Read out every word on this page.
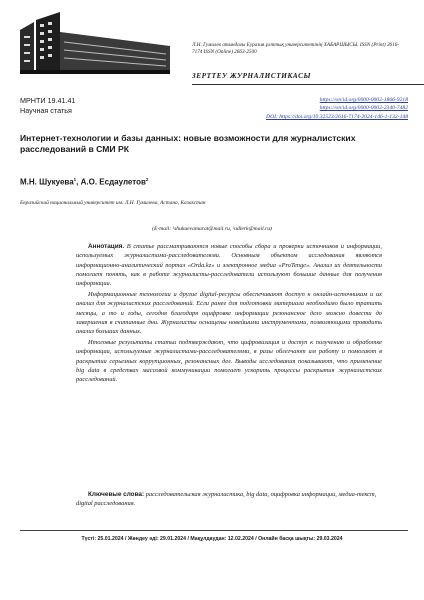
Л.Н. Гумилев атындағы Еуразия ұлттық университетінің ХАБАРШЫСЫ. ISSN (Print) 2616-7174 ISSN (Online) 2663-2500
ЗЕРТТЕУ ЖУРНАЛИСТИКАСЫ
МРНТИ 19.41.41
Научная статья
https://orcid.org/0000-0002-1866-9218
https://orcid.org/0000-0002-2340-7482
DOI: https://doi.org/10.32523/2616-7174-2024-146-1-132-148
Интернет-технологии и базы данных: новые возможности для журналистских расследований в СМИ РК
М.Н. Шукуева$^1$, А.О. Есдаулетов$^2$
Евразийский национальный университет им. Л.Н. Гумилева, Астана, Казахстан
(E-mail: ¹shukuevamarat@mail.ru, ²adlerk@mail.ru)

Аннотация. В статье рассматриваются новые способы сбора и проверки источников и информации, используемых журналистами-расследователями. Основным объектом исследования являются информационно-аналитический портал «Orda.kz» и электронное медиа «ProTenge». Анализ их деятельности помогает понять, как в работе журналисты-расследователи используют большие данные для получения информации.

Информационные технологии и другие digital-ресурсы обеспечивают доступ к онлайн-источникам и их анализ для журналистских расследований. Если ранее для подготовки материала необходимо было тратить месяцы, а то и годы, сегодня благодаря оцифровке информации резонансное дело можно довести до завершения в считанные дни. Журналисты оснащены новейшими инструментами, позволяющими проводить анализ больших данных.

Итоговые результаты статьи подтверждают, что цифровизация и доступ к получению и обработке информации, используемые журналистами-расследователями, в разы облегчают им работу и помогают в раскрытии серьезных коррупционных, резонансных дел. Выводы исследования показывают, что применение big data в средствах массовой коммуникации помогает ускорить процессы раскрытия журналистских расследований.

Ключевые слова: расследовательская журналистика, big data, оцифровка информации, медиа-текст, digital расследования.
Түсті: 25.01.2024 / Жөндеу әдi: 29.01.2024 / Мақұлдаудан: 12.02.2024 / Онлайн басқа шықты: 29.03.2024
